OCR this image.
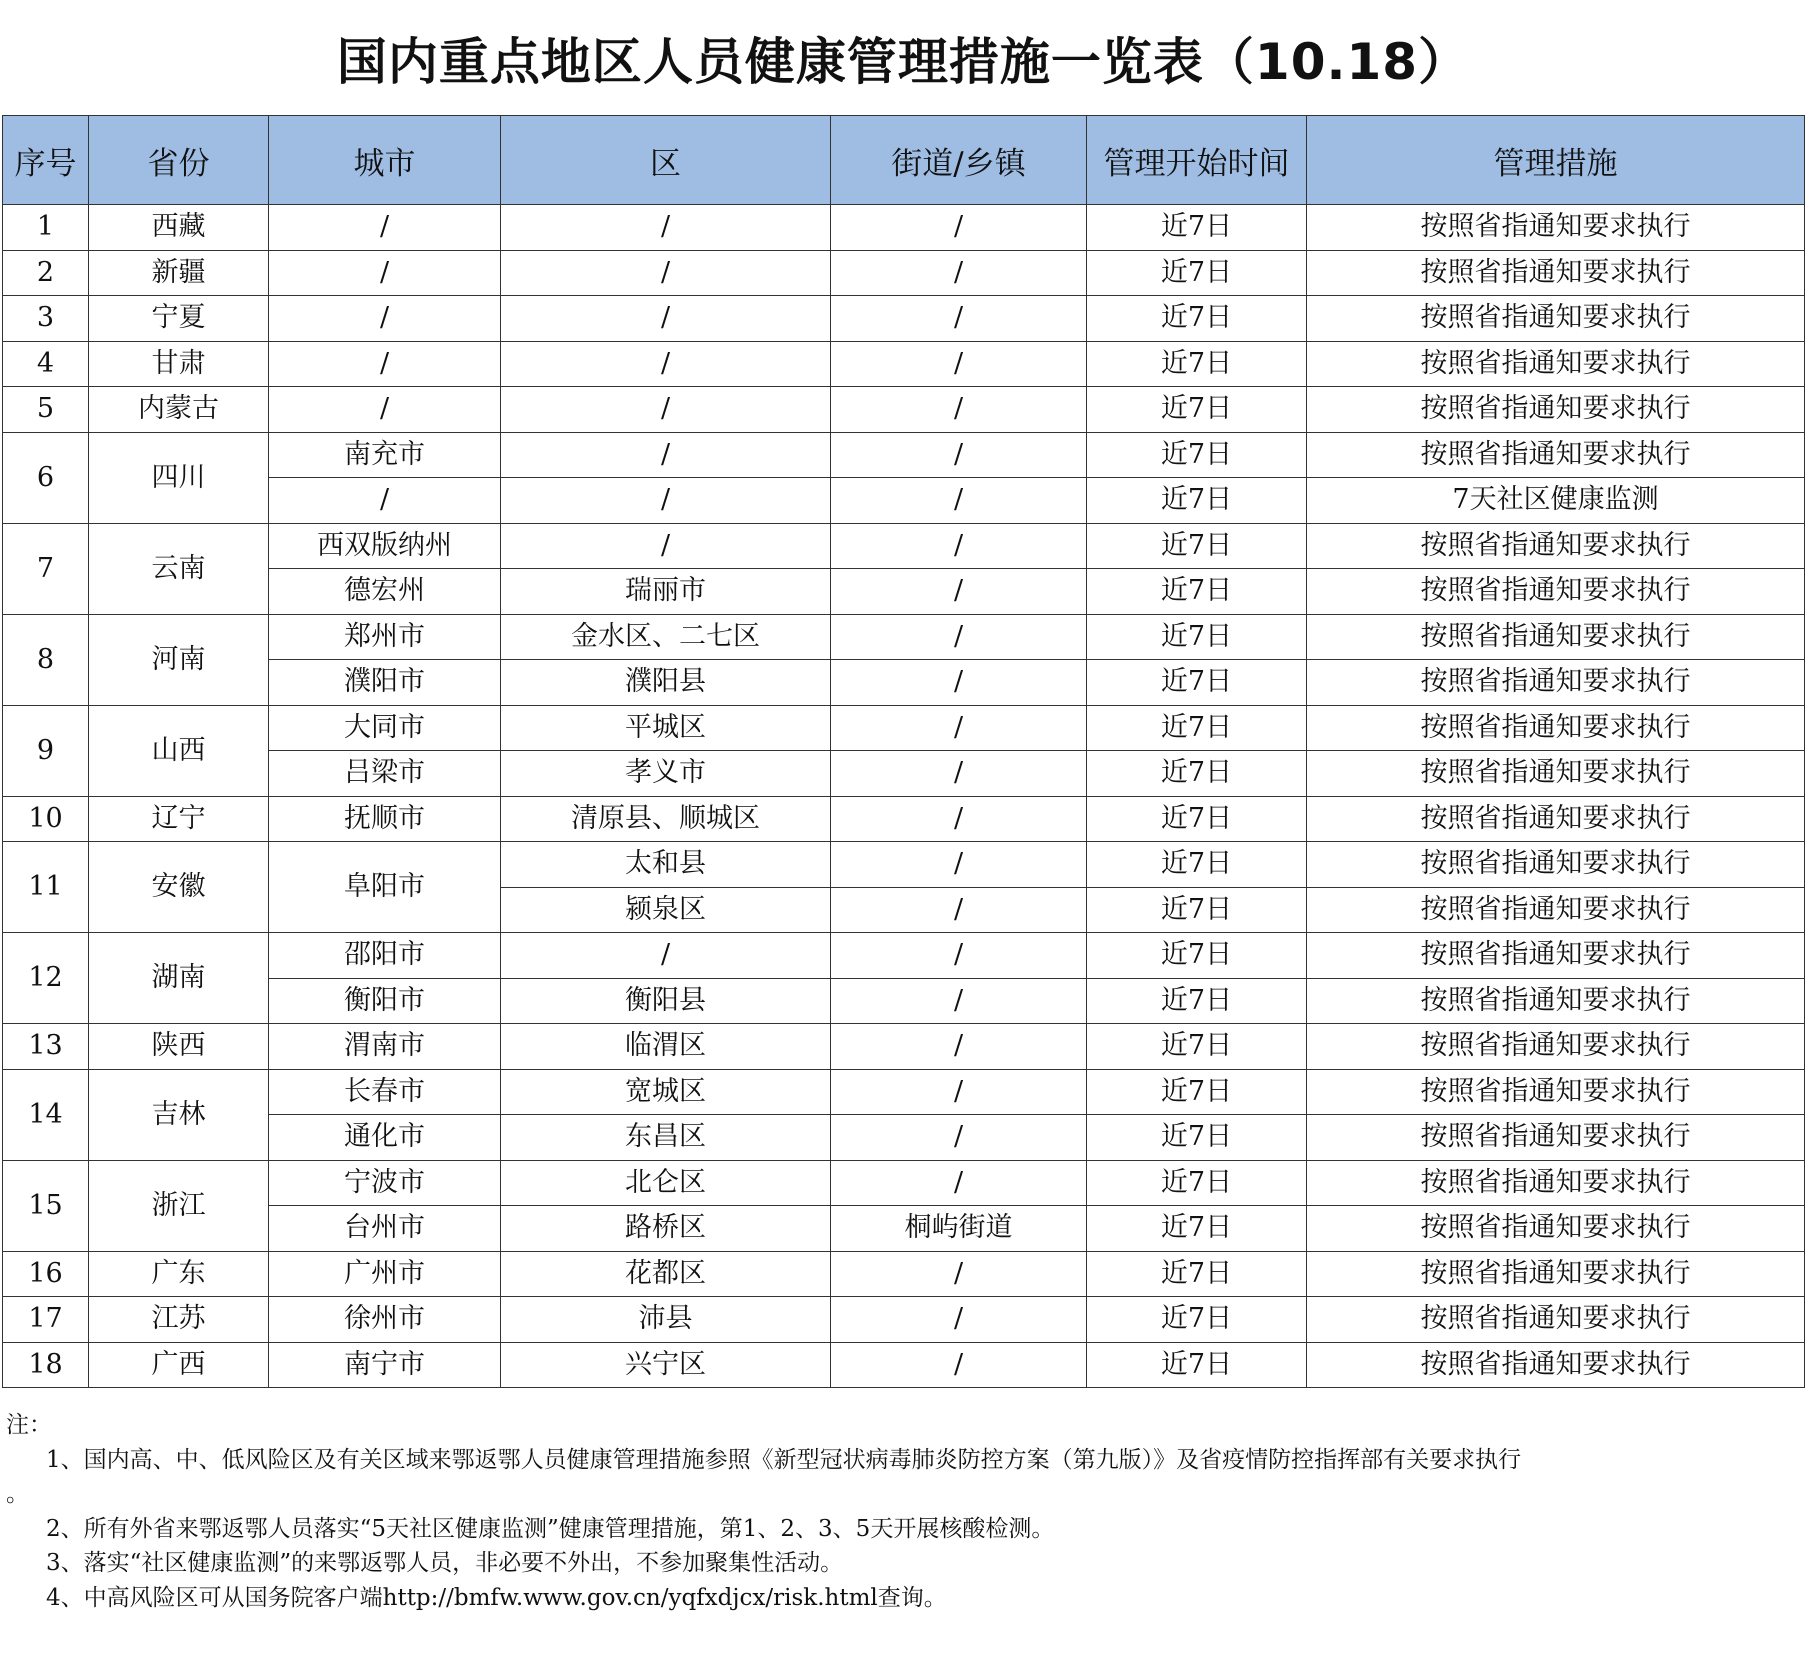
国内重点地区人员健康管理措施一览表（10.18）
序号	省份	城市	区	街道/乡镇	管理开始时间	管理措施
1	西藏	/	/	/	近7日	按照省指通知要求执行
2	新疆	/	/	/	近7日	按照省指通知要求执行
3	宁夏	/	/	/	近7日	按照省指通知要求执行
4	甘肃	/	/	/	近7日	按照省指通知要求执行
5	内蒙古	/	/	/	近7日	按照省指通知要求执行
6	四川	南充市	/	/	近7日	按照省指通知要求执行
		/	/	/	近7日	7天社区健康监测
7	云南	西双版纳州	/	/	近7日	按照省指通知要求执行
		德宏州	瑞丽市	/	近7日	按照省指通知要求执行
8	河南	郑州市	金水区、二七区	/	近7日	按照省指通知要求执行
		濮阳市	濮阳县	/	近7日	按照省指通知要求执行
9	山西	大同市	平城区	/	近7日	按照省指通知要求执行
		吕梁市	孝义市	/	近7日	按照省指通知要求执行
10	辽宁	抚顺市	清原县、顺城区	/	近7日	按照省指通知要求执行
11	安徽	阜阳市	太和县	/	近7日	按照省指通知要求执行
			颍泉区	/	近7日	按照省指通知要求执行
12	湖南	邵阳市	/	/	近7日	按照省指通知要求执行
		衡阳市	衡阳县	/	近7日	按照省指通知要求执行
13	陕西	渭南市	临渭区	/	近7日	按照省指通知要求执行
14	吉林	长春市	宽城区	/	近7日	按照省指通知要求执行
		通化市	东昌区	/	近7日	按照省指通知要求执行
15	浙江	宁波市	北仑区	/	近7日	按照省指通知要求执行
		台州市	路桥区	桐屿街道	近7日	按照省指通知要求执行
16	广东	广州市	花都区	/	近7日	按照省指通知要求执行
17	江苏	徐州市	沛县	/	近7日	按照省指通知要求执行
18	广西	南宁市	兴宁区	/	近7日	按照省指通知要求执行
注：
1、国内高、中、低风险区及有关区域来鄂返鄂人员健康管理措施参照《新型冠状病毒肺炎防控方案（第九版）》及省疫情防控指挥部有关要求执行
。
2、所有外省来鄂返鄂人员落实“5天社区健康监测”健康管理措施，第1、2、3、5天开展核酸检测。
3、落实“社区健康监测”的来鄂返鄂人员，非必要不外出，不参加聚集性活动。
4、中高风险区可从国务院客户端http://bmfw.www.gov.cn/yqfxdjcx/risk.html查询。
